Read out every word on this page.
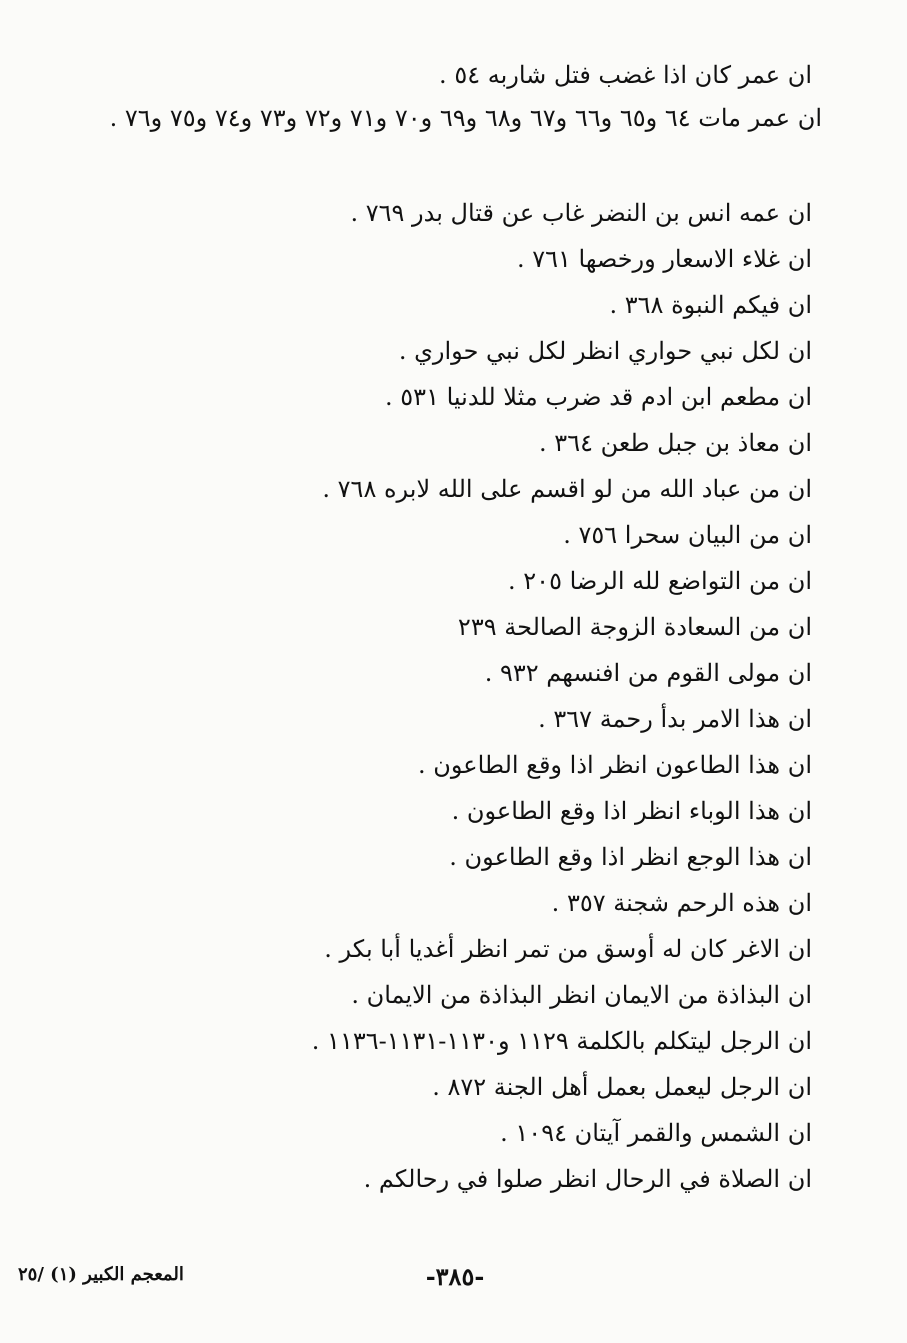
ان عمر كان اذا غضب فتل شاربه ٥٤ .
ان عمر مات ٦٤ و٦٥ و٦٦ و٦٧ و٦٨ و٦٩ و٧٠ و٧١ و٧٢ و٧٣ و٧٤ و٧٥ و٧٦ .
ان عمه انس بن النضر غاب عن قتال بدر ٧٦٩ .
ان غلاء الاسعار ورخصها ٧٦١ .
ان فيكم النبوة ٣٦٨ .
ان لكل نبي حواري انظر لكل نبي حواري .
ان مطعم ابن ادم قد ضرب مثلا للدنيا ٥٣١ .
ان معاذ بن جبل طعن ٣٦٤ .
ان من عباد الله من لو اقسم على الله لابره ٧٦٨ .
ان من البيان سحرا ٧٥٦ .
ان من التواضع لله الرضا ٢٠٥ .
ان من السعادة الزوجة الصالحة ٢٣٩
ان مولى القوم من افنسهم ٩٣٢ .
ان هذا الامر بدأ رحمة ٣٦٧ .
ان هذا الطاعون انظر اذا وقع الطاعون .
ان هذا الوباء انظر اذا وقع الطاعون .
ان هذا الوجع انظر اذا وقع الطاعون .
ان هذه الرحم شجنة ٣٥٧ .
ان الاغر كان له أوسق من تمر انظر أغديا أبا بكر .
ان البذاذة من الايمان انظر البذاذة من الايمان .
ان الرجل ليتكلم بالكلمة ١١٢٩ و١١٣٠-١١٣١-١١٣٦ .
ان الرجل ليعمل بعمل أهل الجنة ٨٧٢ .
ان الشمس والقمر آيتان ١٠٩٤ .
ان الصلاة في الرحال انظر صلوا في رحالكم .
-٣٨٥-
المعجم الكبير (١) /٢٥
